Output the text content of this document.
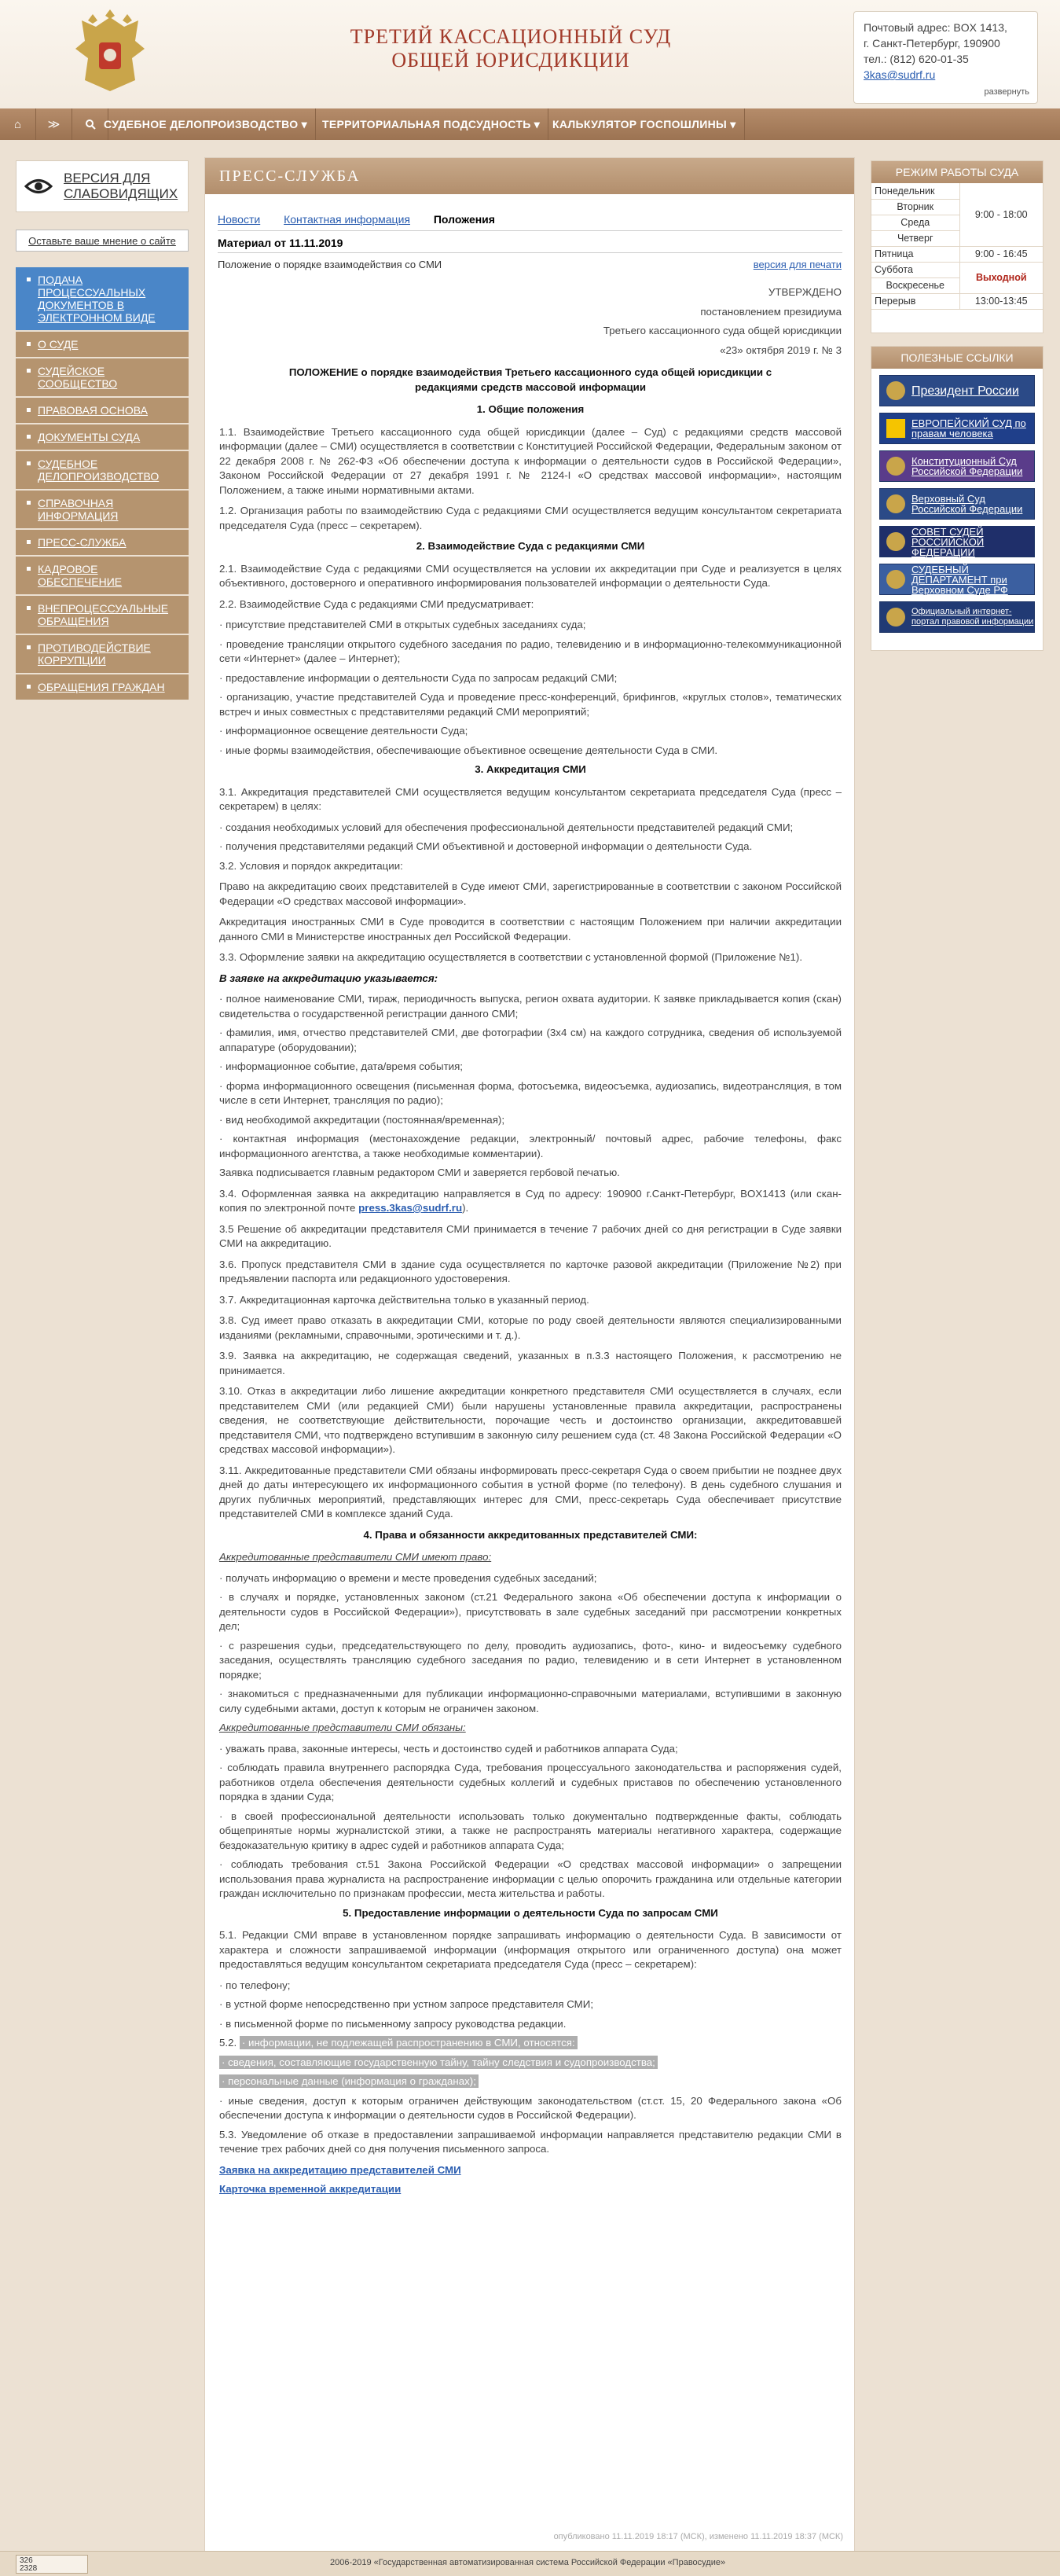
ТРЕТИЙ КАССАЦИОННЫЙ СУД
ОБЩЕЙ ЮРИСДИКЦИИ
Почтовый адрес: BOX 1413,
г. Санкт-Петербург, 190900
тел.: (812) 620-01-35
3kas@sudrf.ru
развернуть
⌂	≫	СУДЕБНОЕ ДЕЛОПРОИЗВОДСТВО ▾	ТЕРРИТОРИАЛЬНАЯ ПОДСУДНОСТЬ ▾	КАЛЬКУЛЯТОР ГОСПОШЛИНЫ ▾
ВЕРСИЯ ДЛЯ
СЛАБОВИДЯЩИХ
Оставьте ваше мнение о сайте
ПОДАЧА ПРОЦЕССУАЛЬНЫХ ДОКУМЕНТОВ В ЭЛЕКТРОННОМ ВИДЕ
О СУДЕ
СУДЕЙСКОЕ СООБЩЕСТВО
ПРАВОВАЯ ОСНОВА
ДОКУМЕНТЫ СУДА
СУДЕБНОЕ ДЕЛОПРОИЗВОДСТВО
СПРАВОЧНАЯ ИНФОРМАЦИЯ
ПРЕСС-СЛУЖБА
КАДРОВОЕ ОБЕСПЕЧЕНИЕ
ВНЕПРОЦЕССУАЛЬНЫЕ ОБРАЩЕНИЯ
ПРОТИВОДЕЙСТВИЕ КОРРУПЦИИ
ОБРАЩЕНИЯ ГРАЖДАН
ПРЕСС-СЛУЖБА
Новости Контактная информация Положения
Материал от 11.11.2019
Положение о порядке взаимодействия со СМИ	версия для печати
УТВЕРЖДЕНО
постановлением президиума
Третьего кассационного суда общей юрисдикции
«23» октября 2019 г. № 3
ПОЛОЖЕНИЕ о порядке взаимодействия Третьего кассационного суда общей юрисдикции с редакциями средств массовой информации
1. Общие положения

1.1. Взаимодействие Третьего кассационного суда общей юрисдикции (далее – Суд) с редакциями средств массовой информации (далее – СМИ) осуществляется в соответствии с Конституцией Российской Федерации, Федеральным законом от 22 декабря 2008 г. № 262-ФЗ «Об обеспечении доступа к информации о деятельности судов в Российской Федерации», Законом Российской Федерации от 27 декабря 1991 г. № 2124-I «О средствах массовой информации», настоящим Положением, а также иными нормативными актами.

1.2. Организация работы по взаимодействию Суда с редакциями СМИ осуществляется ведущим консультантом секретариата председателя Суда (пресс – секретарем).

2. Взаимодействие Суда с редакциями СМИ

2.1. Взаимодействие Суда с редакциями СМИ осуществляется на условии их аккредитации при Суде и реализуется в целях объективного, достоверного и оперативного информирования пользователей информации о деятельности Суда.

2.2. Взаимодействие Суда с редакциями СМИ предусматривает:

· присутствие представителей СМИ в открытых судебных заседаниях суда;

· проведение трансляции открытого судебного заседания по радио, телевидению и в информационно-телекоммуникационной сети «Интернет» (далее – Интернет);

· предоставление информации о деятельности Суда по запросам редакций СМИ;

· организацию, участие представителей Суда и проведение пресс-конференций, брифингов, «круглых столов», тематических встреч и иных совместных с представителями редакций СМИ мероприятий;

· информационное освещение деятельности Суда;

· иные формы взаимодействия, обеспечивающие объективное освещение деятельности Суда в СМИ.

3. Аккредитация СМИ

3.1. Аккредитация представителей СМИ осуществляется ведущим консультантом секретариата председателя Суда (пресс – секретарем) в целях:

· создания необходимых условий для обеспечения профессиональной деятельности представителей редакций СМИ;

· получения представителями редакций СМИ объективной и достоверной информации о деятельности Суда.

3.2. Условия и порядок аккредитации:

Право на аккредитацию своих представителей в Суде имеют СМИ, зарегистрированные в соответствии с законом Российской Федерации «О средствах массовой информации».

Аккредитация иностранных СМИ в Суде проводится в соответствии с настоящим Положением при наличии аккредитации данного СМИ в Министерстве иностранных дел Российской Федерации.

3.3. Оформление заявки на аккредитацию осуществляется в соответствии с установленной формой (Приложение №1).

В заявке на аккредитацию указывается:

· полное наименование СМИ, тираж, периодичность выпуска, регион охвата аудитории. К заявке прикладывается копия (скан) свидетельства о государственной регистрации данного СМИ;

· фамилия, имя, отчество представителей СМИ, две фотографии (3х4 см) на каждого сотрудника, сведения об используемой аппаратуре (оборудовании);

· информационное событие, дата/время события;

· форма информационного освещения (письменная форма, фотосъемка, видеосъемка, аудиозапись, видеотрансляция, в том числе в сети Интернет, трансляция по радио);

· вид необходимой аккредитации (постоянная/временная);

· контактная информация (местонахождение редакции, электронный/ почтовый адрес, рабочие телефоны, факс информационного агентства, а также необходимые комментарии).

Заявка подписывается главным редактором СМИ и заверяется гербовой печатью.

3.4. Оформленная заявка на аккредитацию направляется в Суд по адресу: 190900 г.Санкт-Петербург, BOX1413 (или скан-копия по электронной почте press.3kas@sudrf.ru).

3.5 Решение об аккредитации представителя СМИ принимается в течение 7 рабочих дней со дня регистрации в Суде заявки СМИ на аккредитацию.

3.6. Пропуск представителя СМИ в здание суда осуществляется по карточке разовой аккредитации (Приложение №2) при предъявлении паспорта или редакционного удостоверения.

3.7. Аккредитационная карточка действительна только в указанный период.

3.8. Суд имеет право отказать в аккредитации СМИ, которые по роду своей деятельности являются специализированными изданиями (рекламными, справочными, эротическими и т. д.).

3.9. Заявка на аккредитацию, не содержащая сведений, указанных в п.3.3 настоящего Положения, к рассмотрению не принимается.

3.10. Отказ в аккредитации либо лишение аккредитации конкретного представителя СМИ осуществляется в случаях, если представителем СМИ (или редакцией СМИ) были нарушены установленные правила аккредитации, распространены сведения, не соответствующие действительности, порочащие честь и достоинство организации, аккредитовавшей представителя СМИ, что подтверждено вступившим в законную силу решением суда (ст. 48 Закона Российской Федерации «О средствах массовой информации»).

3.11. Аккредитованные представители СМИ обязаны информировать пресс-секретаря Суда о своем прибытии не позднее двух дней до даты интересующего их информационного события в устной форме (по телефону). В день судебного слушания и других публичных мероприятий, представляющих интерес для СМИ, пресс-секретарь Суда обеспечивает присутствие представителей СМИ в комплексе зданий Суда.

4. Права и обязанности аккредитованных представителей СМИ:

Аккредитованные представители СМИ имеют право:

· получать информацию о времени и месте проведения судебных заседаний;

· в случаях и порядке, установленных законом (ст.21 Федерального закона «Об обеспечении доступа к информации о деятельности судов в Российской Федерации»), присутствовать в зале судебных заседаний при рассмотрении конкретных дел;

· с разрешения судьи, председательствующего по делу, проводить аудиозапись, фото-, кино- и видеосъемку судебного заседания, осуществлять трансляцию судебного заседания по радио, телевидению и в сети Интернет в установленном порядке;

· знакомиться с предназначенными для публикации информационно-справочными материалами, вступившими в законную силу судебными актами, доступ к которым не ограничен законом.

Аккредитованные представители СМИ обязаны:

· уважать права, законные интересы, честь и достоинство судей и работников аппарата Суда;

· соблюдать правила внутреннего распорядка Суда, требования процессуального законодательства и распоряжения судей, работников отдела обеспечения деятельности судебных коллегий и судебных приставов по обеспечению установленного порядка в здании Суда;

· в своей профессиональной деятельности использовать только документально подтвержденные факты, соблюдать общепринятые нормы журналистской этики, а также не распространять материалы негативного характера, содержащие бездоказательную критику в адрес судей и работников аппарата Суда;

· соблюдать требования ст.51 Закона Российской Федерации «О средствах массовой информации» о запрещении использования права журналиста на распространение информации с целью опорочить гражданина или отдельные категории граждан исключительно по признакам профессии, места жительства и работы.

5. Предоставление информации о деятельности Суда по запросам СМИ

5.1. Редакции СМИ вправе в установленном порядке запрашивать информацию о деятельности Суда. В зависимости от характера и сложности запрашиваемой информации (информация открытого или ограниченного доступа) она может предоставляться ведущим консультантом секретариата председателя Суда (пресс – секретарем):

· по телефону;

· в устной форме непосредственно при устном запросе представителя СМИ;

· в письменной форме по письменному запросу руководства редакции.

5.2. · информации, не подлежащей распространению в СМИ, относятся:

· сведения, составляющие государственную тайну, тайну следствия и судопроизводства;

· персональные данные (информация о гражданах);

· иные сведения, доступ к которым ограничен действующим законодательством (ст.ст. 15, 20 Федерального закона «Об обеспечении доступа к информации о деятельности судов в Российской Федерации).

5.3. Уведомление об отказе в предоставлении запрашиваемой информации направляется представителю редакции СМИ в течение трех рабочих дней со дня получения письменного запроса.

Заявка на аккредитацию представителей СМИ
Карточка временной аккредитации
опубликовано 11.11.2019 18:17 (МСК), изменено 11.11.2019 18:37 (МСК)
РЕЖИМ РАБОТЫ СУДА
Понедельник	9:00 - 18:00
Вторник	
Среда	
Четверг	
Пятница	9:00 - 16:45
Суббота	Выходной
Воскресенье	
Перерыв	13:00-13:45
ПОЛЕЗНЫЕ ССЫЛКИ
Президент России
ЕВРОПЕЙСКИЙ СУД по правам человека
Конституционный Суд Российской Федерации
Верховный Суд Российской Федерации
СОВЕТ СУДЕЙ РОССИЙСКОЙ ФЕДЕРАЦИИ
СУДЕБНЫЙ ДЕПАРТАМЕНТ при Верховном Суде РФ
Официальный интернет-портал правовой информации
326
2328
2006-2019 «Государственная автоматизированная система Российской Федерации «Правосудие»
